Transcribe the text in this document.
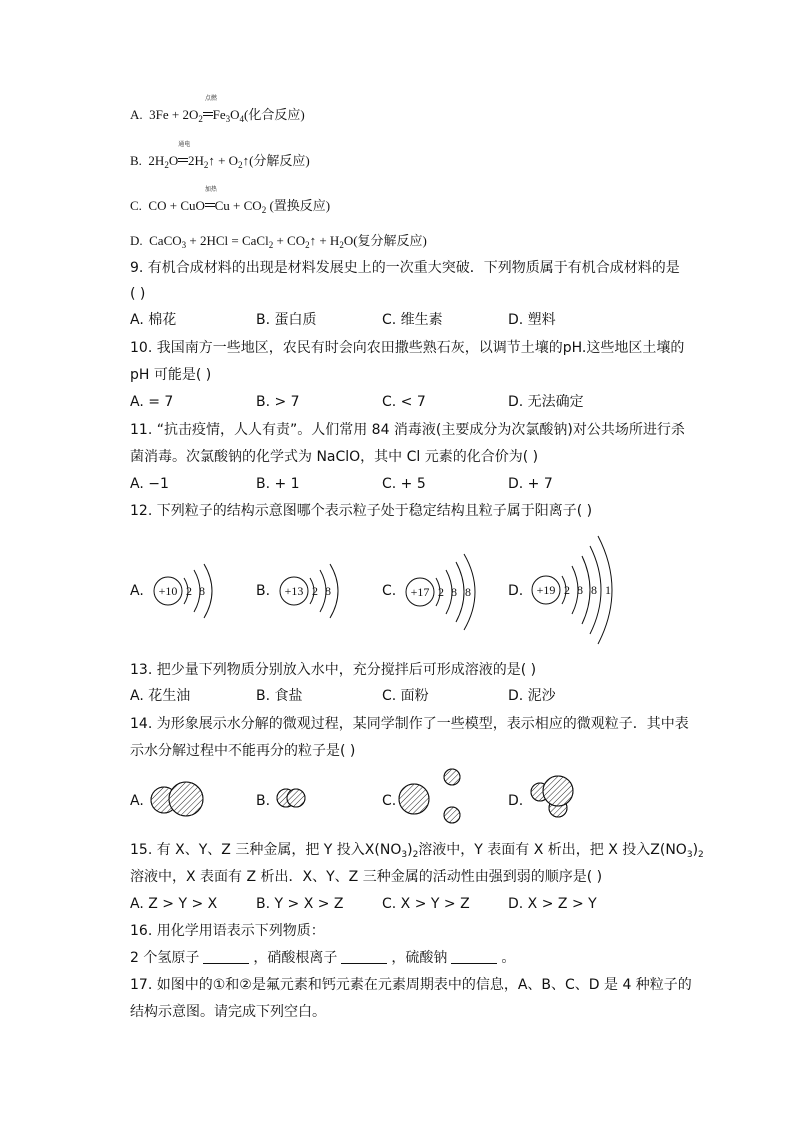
A. $3Fe + 2O_2$
点燃
$Fe_3O_4$(化合反应)
B. $2H_2O$
通电
$2H_2↑$ + $O_2↑$(分解反应)
C. CO + CuO
加热
$Cu + CO_2$ (置换反应)
D. CaCO$_3$ + 2HCl = CaCl$_2$ + $CO_2↑ + H_2O$(复分解反应)
9. 有机合成材料的出现是材料发展史上的一次重大突破．下列物质属于有机合成材料的是
( )
A. 棉花	B. 蛋白质	C. 维生素	D. 塑料
10. 我国南方一些地区，农民有时会向农田撒些熟石灰，以调节土壤的pH.这些地区土壤的
pH 可能是( )
A. = 7	B. > 7	C. < 7	D. 无法确定
11. “抗击疫情，人人有责”。人们常用 84 消毒液(主要成分为次氯酸钠)对公共场所进行杀
菌消毒。次氯酸钠的化学式为 NaClO，其中 Cl 元素的化合价为( )
A. −1	B. + 1	C. + 5	D. + 7
12. 下列粒子的结构示意图哪个表示粒子处于稳定结构且粒子属于阳离子( )
A. +10 2 8	B. +13 2 8	C. +17 2 8 8	D. +19 2 8 8 1
13. 把少量下列物质分别放入水中，充分搅拌后可形成溶液的是( )
A. 花生油	B. 食盐	C. 面粉	D. 泥沙
14. 为形象展示水分解的微观过程，某同学制作了一些模型，表示相应的微观粒子．其中表
示水分解过程中不能再分的粒子是( )
A.	B.	C.	D.
15. 有 X、Y、Z 三种金属，把 Y 投入$X(NO_3)_2$溶液中，Y 表面有 X 析出，把 X 投入$Z(NO_3)_2$
溶液中，X 表面有 Z 析出．X、Y、Z 三种金属的活动性由强到弱的顺序是( )
A. Z > Y > X	B. Y > X > Z	C. X > Y > Z	D. X > Z > Y
16. 用化学用语表示下列物质：
2 个氢原子	，硝酸根离子	，硫酸钠	。
17. 如图中的①和②是氟元素和钙元素在元素周期表中的信息，A、B、C、D 是 4 种粒子的
结构示意图。请完成下列空白。
